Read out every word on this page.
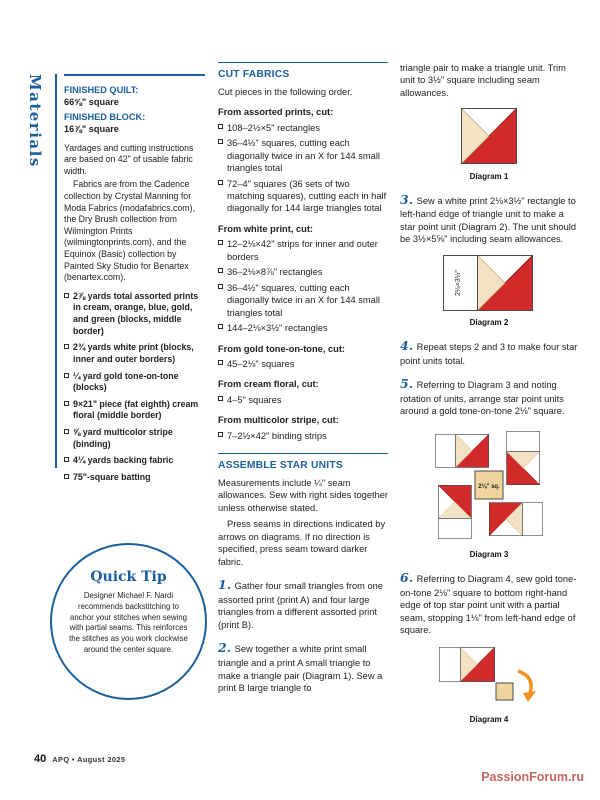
Materials FINISHED QUILT:
66⅝" square
FINISHED BLOCK:
16⅞" square

Yardages and cutting instructions are based on 42" of usable fabric width.

Fabrics are from the Cadence collection by Crystal Manning for Moda Fabrics (modafabrics.com), the Dry Brush collection from Wilmington Prints (wilmingtonprints.com), and the Equinox (Basic) collection by Painted Sky Studio for Benartex (benartex.com).

2⅞ yards total assorted prints in cream, orange, blue, gold, and green (blocks, middle border)
2¾ yards white print (blocks, inner and outer borders)
¼ yard gold tone-on-tone (blocks)
9×21" piece (fat eighth) cream floral (middle border)
⅝ yard multicolor stripe (binding)
4¼ yards backing fabric
75"-square batting
Quick Tip

Designer Michael F. Nardi recommends backstitching to anchor your stitches when sewing with partial seams. This reinforces the stitches as you work clockwise around the center square.

CUT FABRICS

Cut pieces in the following order.

From assorted prints, cut:
108–2½×5" rectangles
36–4½" squares, cutting each diagonally twice in an X for 144 small triangles total
72–4" squares (36 sets of two matching squares), cutting each in half diagonally for 144 large triangles total
From white print, cut:
12–2⅛×42" strips for inner and outer borders
36–2⅛×8⅞" rectangles
36–4½" squares, cutting each diagonally twice in an X for 144 small triangles total
144–2⅛×3½" rectangles
From gold tone-on-tone, cut:
45–2⅛" squares
From cream floral, cut:
4–5" squares
From multicolor stripe, cut:
7–2½×42" binding strips
ASSEMBLE STAR UNITS

Measurements include ¼" seam allowances. Sew with right sides together unless otherwise stated.

Press seams in directions indicated by arrows on diagrams. If no direction is specified, press seam toward darker fabric.

1. Gather four small triangles from one assorted print (print A) and four large triangles from a different assorted print (print B).

2. Sew together a white print small triangle and a print A small triangle to make a triangle pair (Diagram 1). Sew a print B large triangle to

triangle pair to make a triangle unit. Trim unit to 3½" square including seam allowances.

Diagram 1

3. Sew a white print 2⅛×3½" rectangle to left-hand edge of triangle unit to make a star point unit (Diagram 2). The unit should be 3½×5⅝" including seam allowances.

2⅛×3½"
Diagram 2

4. Repeat steps 2 and 3 to make four star point units total.

5. Referring to Diagram 3 and noting rotation of units, arrange star point units around a gold tone-on-tone 2⅛" square.

2⅛" sq.
Diagram 3

6. Referring to Diagram 4, sew gold tone-on-tone 2⅛" square to bottom right-hand edge of top star point unit with a partial seam, stopping 1⅛" from left-hand edge of square.

Diagram 4
40 APQ • August 2025
PassionForum.ru
